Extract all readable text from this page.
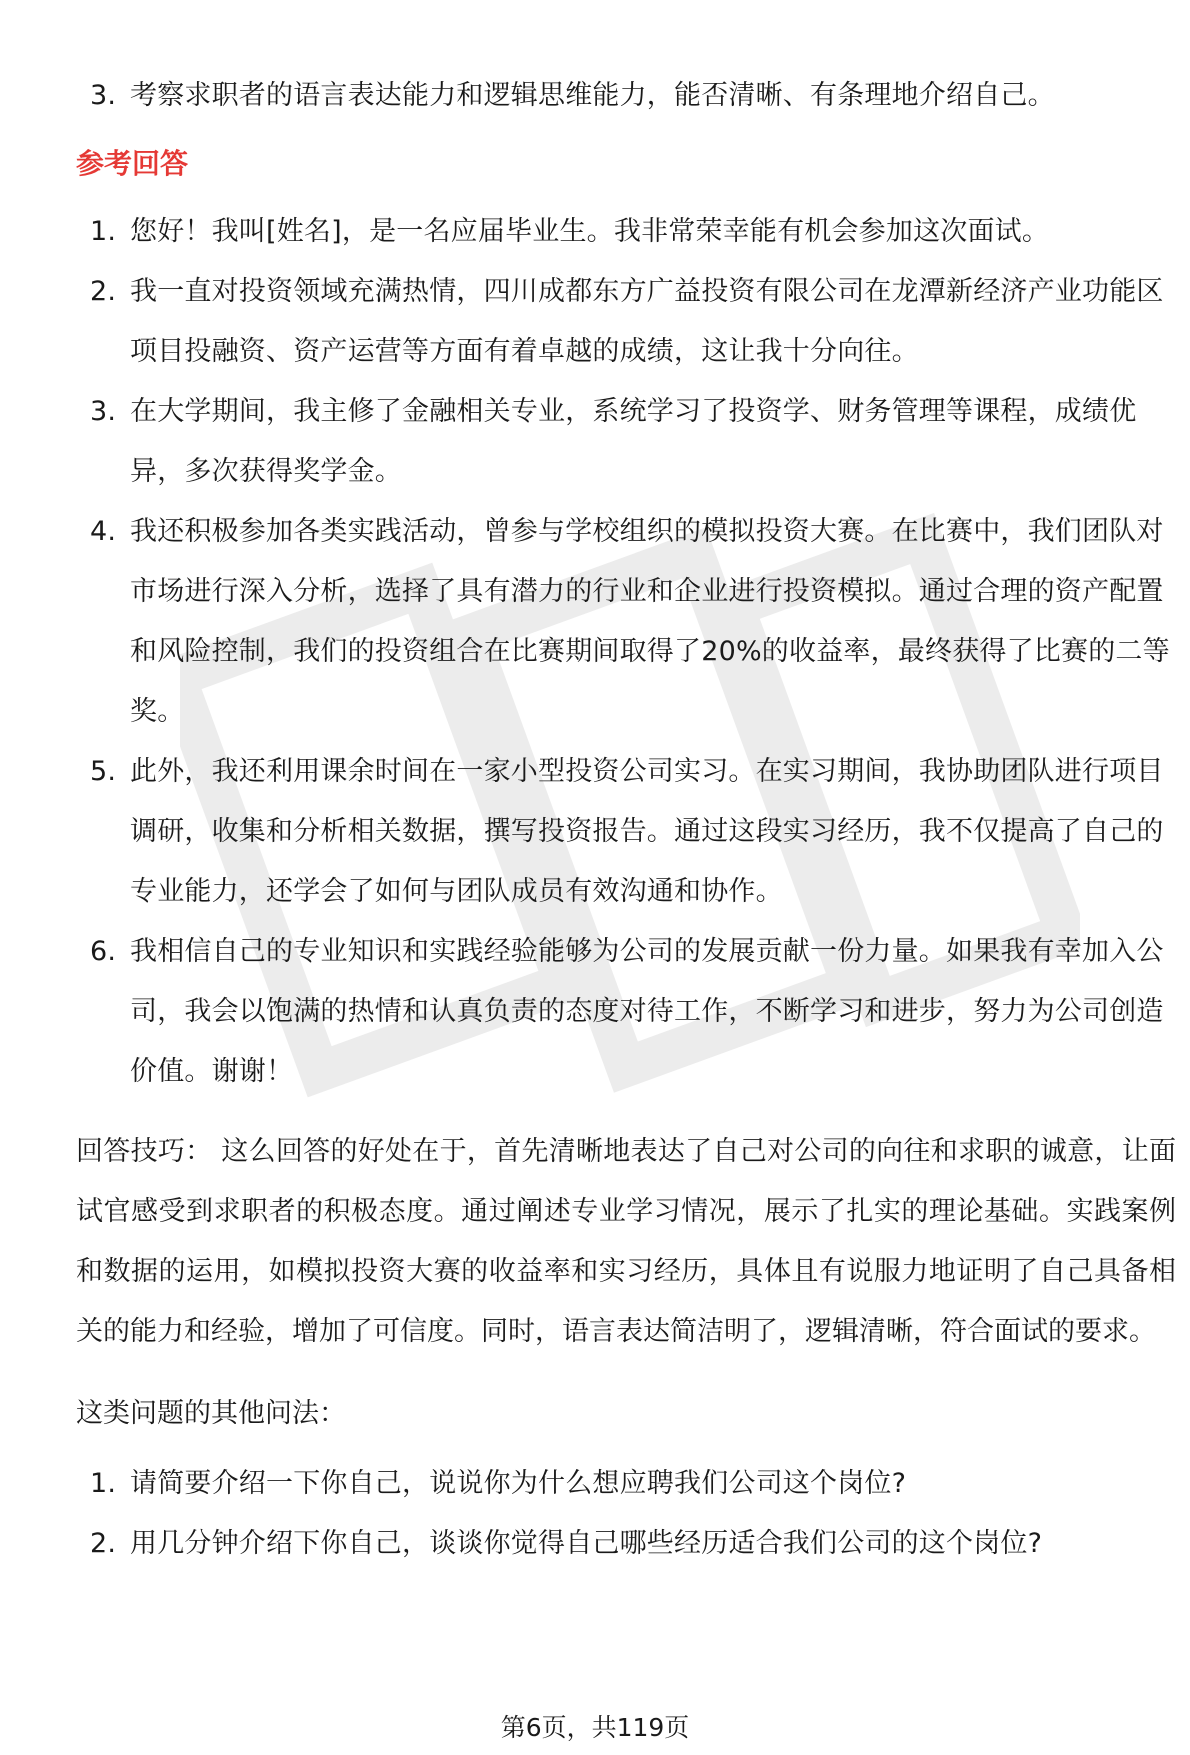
3. 考察求职者的语言表达能力和逻辑思维能力，能否清晰、有条理地介绍自己。
参考回答
1. 您好！我叫[姓名]，是一名应届毕业生。我非常荣幸能有机会参加这次面试。
2. 我一直对投资领域充满热情，四川成都东方广益投资有限公司在龙潭新经济产业功能区项目投融资、资产运营等方面有着卓越的成绩，这让我十分向往。
3. 在大学期间，我主修了金融相关专业，系统学习了投资学、财务管理等课程，成绩优异，多次获得奖学金。
4. 我还积极参加各类实践活动，曾参与学校组织的模拟投资大赛。在比赛中，我们团队对市场进行深入分析，选择了具有潜力的行业和企业进行投资模拟。通过合理的资产配置和风险控制，我们的投资组合在比赛期间取得了20%的收益率，最终获得了比赛的二等奖。
5. 此外，我还利用课余时间在一家小型投资公司实习。在实习期间，我协助团队进行项目调研，收集和分析相关数据，撰写投资报告。通过这段实习经历，我不仅提高了自己的专业能力，还学会了如何与团队成员有效沟通和协作。
6. 我相信自己的专业知识和实践经验能够为公司的发展贡献一份力量。如果我有幸加入公司，我会以饱满的热情和认真负责的态度对待工作，不断学习和进步，努力为公司创造价值。谢谢！
回答技巧： 这么回答的好处在于，首先清晰地表达了自己对公司的向往和求职的诚意，让面试官感受到求职者的积极态度。通过阐述专业学习情况，展示了扎实的理论基础。实践案例和数据的运用，如模拟投资大赛的收益率和实习经历，具体且有说服力地证明了自己具备相关的能力和经验，增加了可信度。同时，语言表达简洁明了，逻辑清晰，符合面试的要求。
这类问题的其他问法：
1. 请简要介绍一下你自己，说说你为什么想应聘我们公司这个岗位?
2. 用几分钟介绍下你自己，谈谈你觉得自己哪些经历适合我们公司的这个岗位?
第6页，共119页
